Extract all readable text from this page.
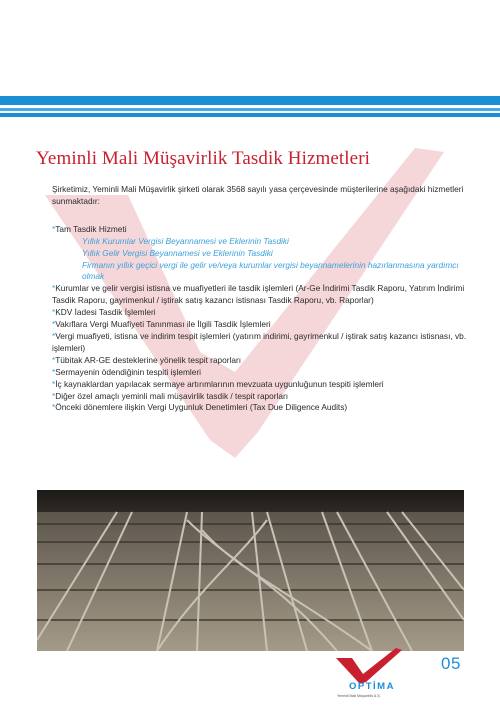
Yeminli Mali Müşavirlik Tasdik Hizmetleri

Şirketimiz, Yeminli Mali Müşavirlik şirketi olarak 3568 sayılı yasa çerçevesinde müşterilerine aşağıdaki hizmetleri sunmaktadır:

*Tam Tasdik Hizmeti
Yıllık Kurumlar Vergisi Beyannamesi ve Eklerinin Tasdiki
Yıllık Gelir Vergisi Beyannamesi ve Eklerinin Tasdiki
Firmanın yıllık geçici vergi ile gelir ve/veya kurumlar vergisi beyannamelerinin hazırlanmasına yardımcı olmak
*Kurumlar ve gelir vergisi istisna ve muafiyetleri ile tasdik işlemleri (Ar-Ge İndirimi Tasdik Raporu, Yatırım İndirimi Tasdik Raporu, gayrimenkul / iştirak satış kazancı istisnası Tasdik Raporu, vb. Raporlar)
*KDV İadesi Tasdik İşlemleri
*Vakıflara Vergi Muafiyeti Tanınması ile İlgili Tasdik İşlemleri
*Vergi muafiyeti, istisna ve indirim tespit işlemleri (yatırım indirimi, gayrimenkul / iştirak satış kazancı istisnası, vb. işlemleri)
*Tübitak AR-GE desteklerine yönelik tespit raporları
*Sermayenin ödendiğinin tespiti işlemleri
*İç kaynaklardan yapılacak sermaye artırımlarının mevzuata uygunluğunun tespiti işlemleri
*Diğer özel amaçlı yeminli mali müşavirlik tasdik / tespit raporları
*Önceki dönemlere ilişkin Vergi Uygunluk Denetimleri (Tax Due Diligence Audits)
OPTİMA
Yeminli Mali Müşavirlik A.Ş.
05
